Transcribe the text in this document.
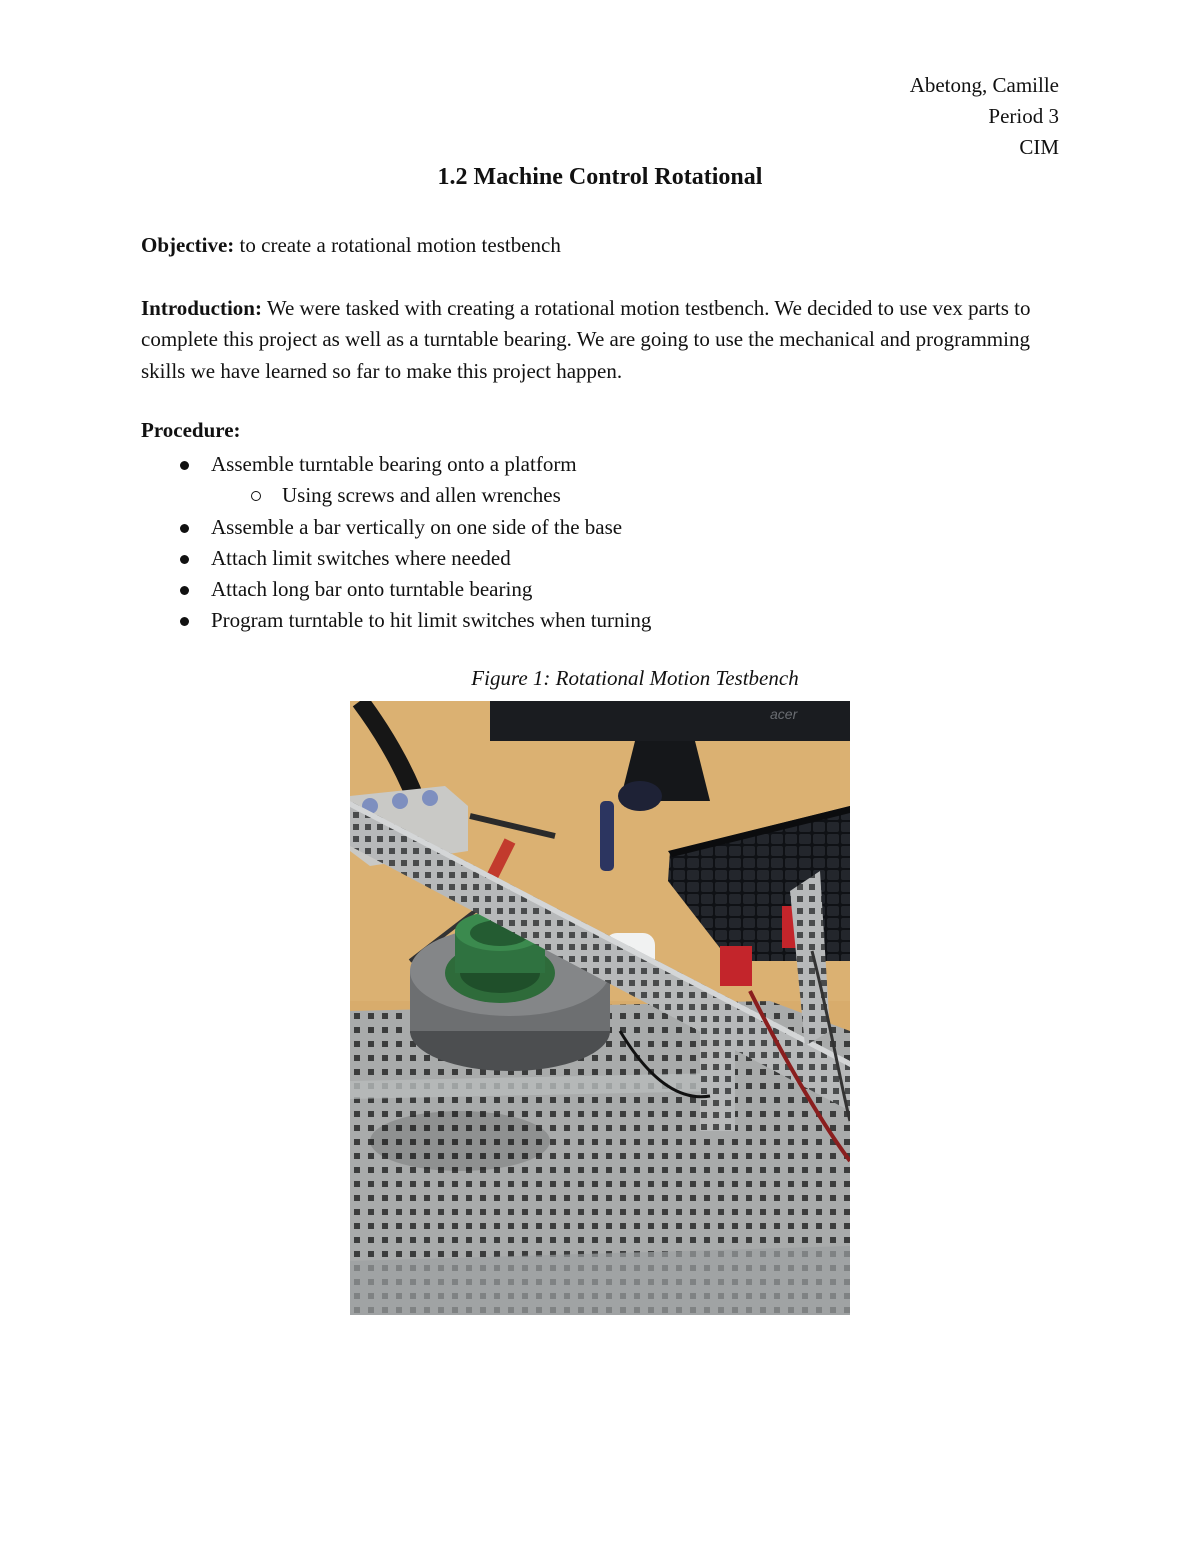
Abetong, Camille
Period 3
CIM
1.2 Machine Control Rotational
Objective: to create a rotational motion testbench
Introduction: We were tasked with creating a rotational motion testbench. We decided to use vex parts to complete this project as well as a turntable bearing. We are going to use the mechanical and programming skills we have learned so far to make this project happen.
Procedure:
Assemble turntable bearing onto a platform
Using screws and allen wrenches
Assemble a bar vertically on one side of the base
Attach limit switches where needed
Attach long bar onto turntable bearing
Program turntable to hit limit switches when turning
Figure 1: Rotational Motion Testbench
acer
